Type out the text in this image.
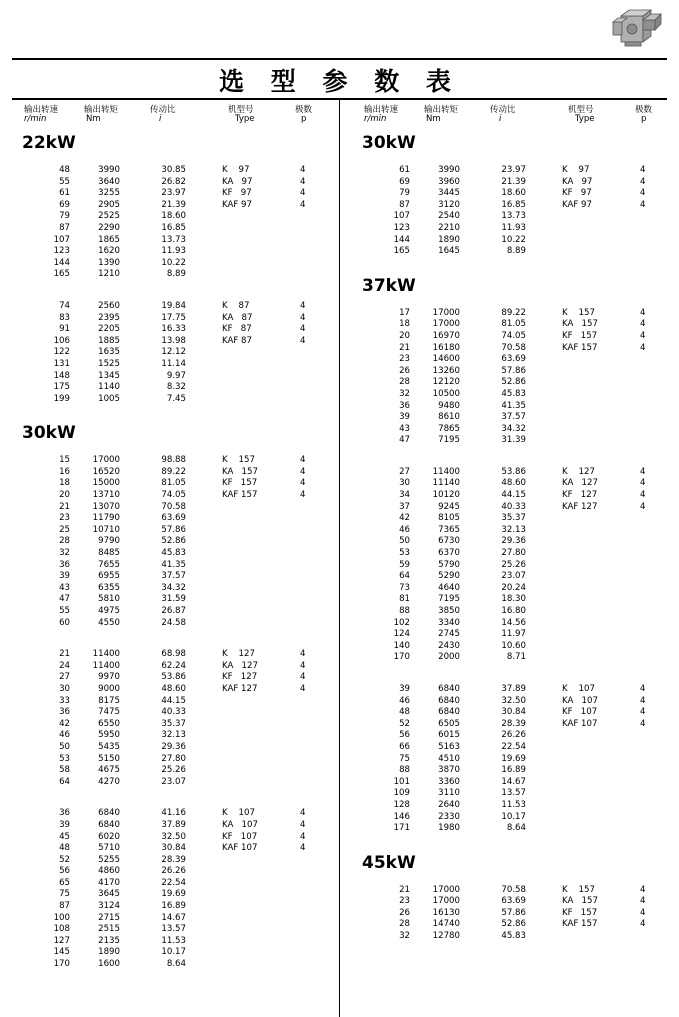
选 型 参 数 表
输出转速
r/min
输出转矩
Nm
传动比
i
机型号
Type
极数
p
22kW
48	3990	30.85	K    97	4
55	3640	26.82	KA   97	4
61	3255	23.97	KF   97	4
69	2905	21.39	KAF 97	4
79	2525	18.60
87	2290	16.85
107	1865	13.73
123	1620	11.93
144	1390	10.22
165	1210	8.89
74	2560	19.84	K    87	4
83	2395	17.75	KA   87	4
91	2205	16.33	KF   87	4
106	1885	13.98	KAF 87	4
122	1635	12.12
131	1525	11.14
148	1345	9.97
175	1140	8.32
199	1005	7.45
30kW
15	17000	98.88	K    157	4
16	16520	89.22	KA   157	4
18	15000	81.05	KF   157	4
20	13710	74.05	KAF 157	4
21	13070	70.58
23	11790	63.69
25	10710	57.86
28	9790	52.86
32	8485	45.83
36	7655	41.35
39	6955	37.57
43	6355	34.32
47	5810	31.59
55	4975	26.87
60	4550	24.58
21	11400	68.98	K    127	4
24	11400	62.24	KA   127	4
27	9970	53.86	KF   127	4
30	9000	48.60	KAF 127	4
33	8175	44.15
36	7475	40.33
42	6550	35.37
46	5950	32.13
50	5435	29.36
53	5150	27.80
58	4675	25.26
64	4270	23.07
36	6840	41.16	K    107	4
39	6840	37.89	KA   107	4
45	6020	32.50	KF   107	4
48	5710	30.84	KAF 107	4
52	5255	28.39
56	4860	26.26
65	4170	22.54
75	3645	19.69
87	3124	16.89
100	2715	14.67
108	2515	13.57
127	2135	11.53
145	1890	10.17
170	1600	8.64
输出转速
r/min
输出转矩
Nm
传动比
i
机型号
Type
极数
p
30kW
61	3990	23.97	K    97	4
69	3960	21.39	KA   97	4
79	3445	18.60	KF   97	4
87	3120	16.85	KAF 97	4
107	2540	13.73
123	2210	11.93
144	1890	10.22
165	1645	8.89
37kW
17	17000	89.22	K    157	4
18	17000	81.05	KA   157	4
20	16970	74.05	KF   157	4
21	16180	70.58	KAF 157	4
23	14600	63.69
26	13260	57.86
28	12120	52.86
32	10500	45.83
36	9480	41.35
39	8610	37.57
43	7865	34.32
47	7195	31.39
27	11400	53.86	K    127	4
30	11140	48.60	KA   127	4
34	10120	44.15	KF   127	4
37	9245	40.33	KAF 127	4
42	8105	35.37
46	7365	32.13
50	6730	29.36
53	6370	27.80
59	5790	25.26
64	5290	23.07
73	4640	20.24
81	7195	18.30
88	3850	16.80
102	3340	14.56
124	2745	11.97
140	2430	10.60
170	2000	8.71
39	6840	37.89	K    107	4
46	6840	32.50	KA   107	4
48	6840	30.84	KF   107	4
52	6505	28.39	KAF 107	4
56	6015	26.26
66	5163	22.54
75	4510	19.69
88	3870	16.89
101	3360	14.67
109	3110	13.57
128	2640	11.53
146	2330	10.17
171	1980	8.64
45kW
21	17000	70.58	K    157	4
23	17000	63.69	KA   157	4
26	16130	57.86	KF   157	4
28	14740	52.86	KAF 157	4
32	12780	45.83
